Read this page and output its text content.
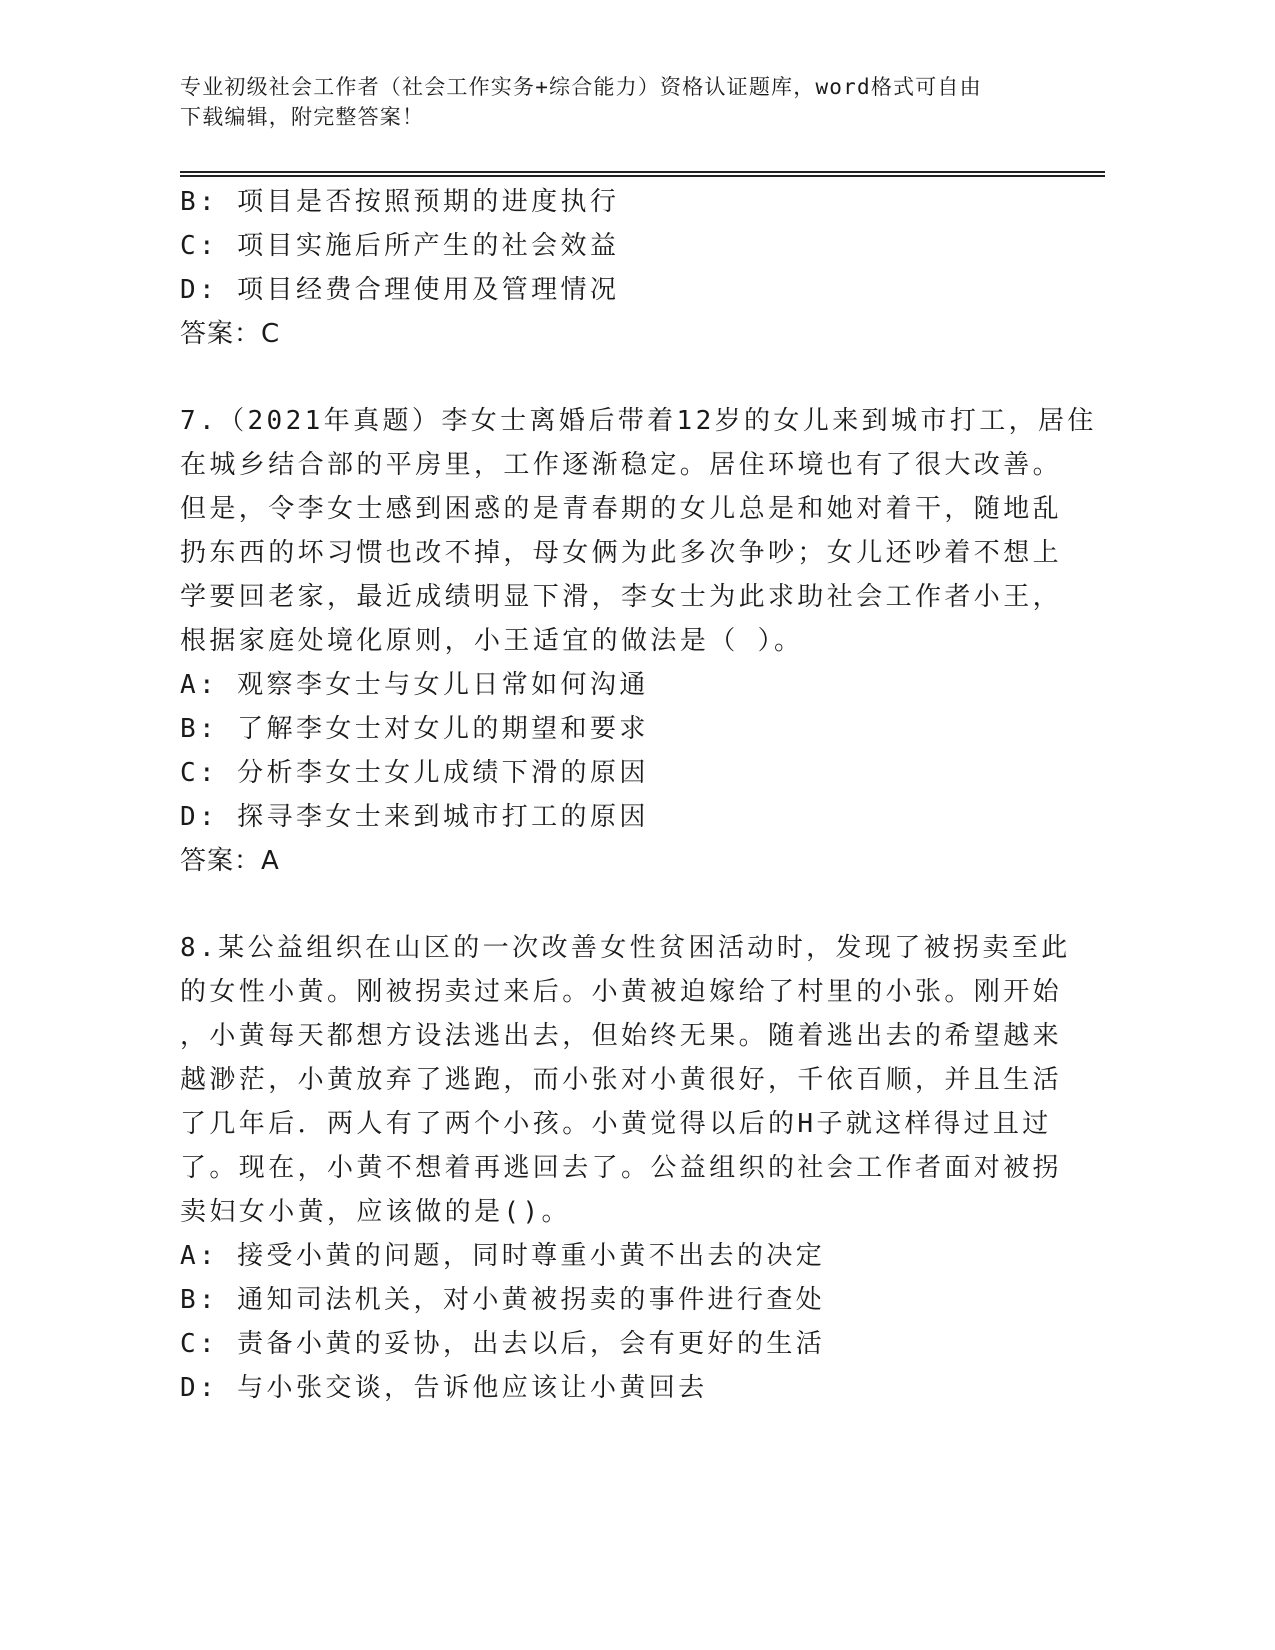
专业初级社会工作者（社会工作实务+综合能力）资格认证题库，word格式可自由
下载编辑，附完整答案！
B: 项目是否按照预期的进度执行
C: 项目实施后所产生的社会效益
D: 项目经费合理使用及管理情况
答案：C
7.（2021年真题）李女士离婚后带着12岁的女儿来到城市打工，居住
在城乡结合部的平房里，工作逐渐稳定。居住环境也有了很大改善。
但是，令李女士感到困惑的是青春期的女儿总是和她对着干，随地乱
扔东西的坏习惯也改不掉，母女俩为此多次争吵；女儿还吵着不想上
学要回老家，最近成绩明显下滑，李女士为此求助社会工作者小王，
根据家庭处境化原则，小王适宜的做法是（ ）。
A: 观察李女士与女儿日常如何沟通
B: 了解李女士对女儿的期望和要求
C: 分析李女士女儿成绩下滑的原因
D: 探寻李女士来到城市打工的原因
答案：A
8.某公益组织在山区的一次改善女性贫困活动时，发现了被拐卖至此
的女性小黄。刚被拐卖过来后。小黄被迫嫁给了村里的小张。刚开始
，小黄每天都想方设法逃出去，但始终无果。随着逃出去的希望越来
越渺茫，小黄放弃了逃跑，而小张对小黄很好，千依百顺，并且生活
了几年后．两人有了两个小孩。小黄觉得以后的H子就这样得过且过
了。现在，小黄不想着再逃回去了。公益组织的社会工作者面对被拐
卖妇女小黄，应该做的是()。
A: 接受小黄的问题，同时尊重小黄不出去的决定
B: 通知司法机关，对小黄被拐卖的事件进行查处
C: 责备小黄的妥协，出去以后，会有更好的生活
D: 与小张交谈，告诉他应该让小黄回去
